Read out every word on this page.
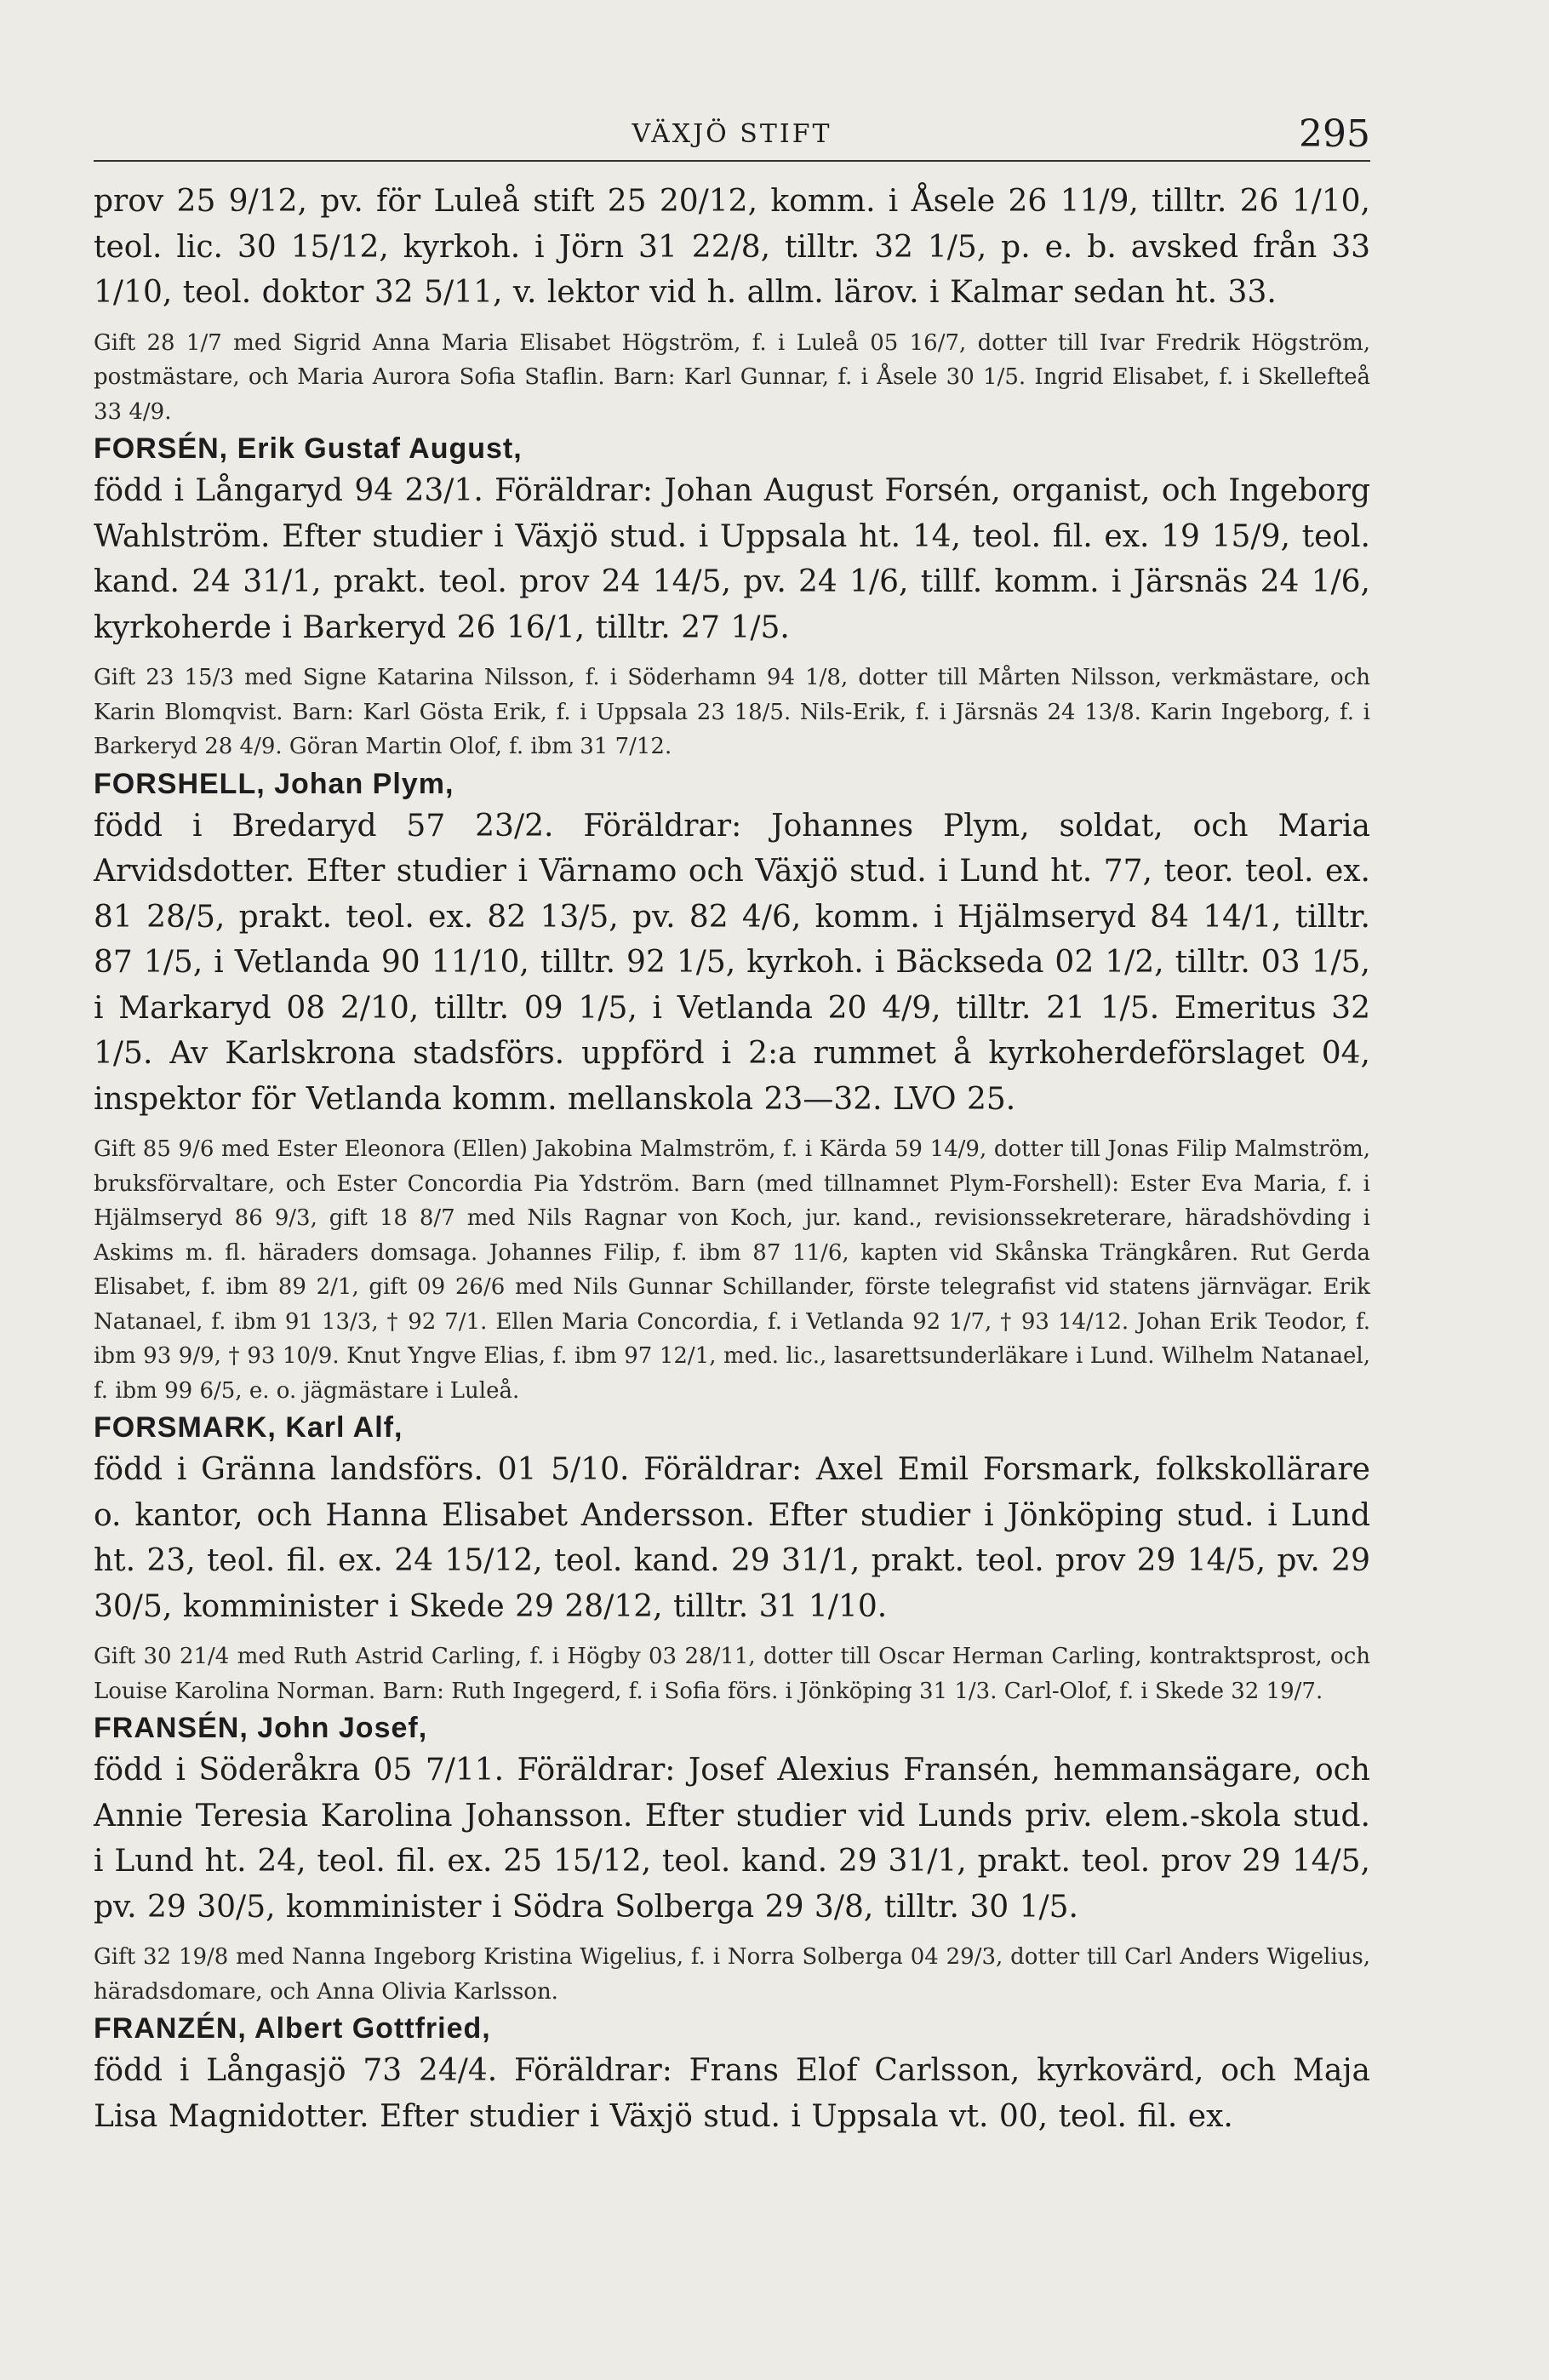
VÄXJÖ STIFT	295

prov 25 9/12, pv. för Luleå stift 25 20/12, komm. i Åsele 26 11/9, tilltr. 26 1/10, teol. lic. 30 15/12, kyrkoh. i Jörn 31 22/8, tilltr. 32 1/5, p. e. b. avsked från 33 1/10, teol. doktor 32 5/11, v. lektor vid h. allm. lärov. i Kalmar sedan ht. 33.

Gift 28 1/7 med Sigrid Anna Maria Elisabet Högström, f. i Luleå 05 16/7, dotter till Ivar Fredrik Högström, postmästare, och Maria Aurora Sofia Staflin. Barn: Karl Gunnar, f. i Åsele 30 1/5. Ingrid Elisabet, f. i Skellefteå 33 4/9.

FORSÉN, Erik Gustaf August,

född i Långaryd 94 23/1. Föräldrar: Johan August Forsén, organist, och Ingeborg Wahlström. Efter studier i Växjö stud. i Uppsala ht. 14, teol. fil. ex. 19 15/9, teol. kand. 24 31/1, prakt. teol. prov 24 14/5, pv. 24 1/6, tillf. komm. i Järsnäs 24 1/6, kyrkoherde i Barkeryd 26 16/1, tilltr. 27 1/5.

Gift 23 15/3 med Signe Katarina Nilsson, f. i Söderhamn 94 1/8, dotter till Mårten Nilsson, verkmästare, och Karin Blomqvist. Barn: Karl Gösta Erik, f. i Uppsala 23 18/5. Nils-Erik, f. i Järsnäs 24 13/8. Karin Ingeborg, f. i Barkeryd 28 4/9. Göran Martin Olof, f. ibm 31 7/12.

FORSHELL, Johan Plym,

född i Bredaryd 57 23/2. Föräldrar: Johannes Plym, soldat, och Maria Arvidsdotter. Efter studier i Värnamo och Växjö stud. i Lund ht. 77, teor. teol. ex. 81 28/5, prakt. teol. ex. 82 13/5, pv. 82 4/6, komm. i Hjälmseryd 84 14/1, tilltr. 87 1/5, i Vetlanda 90 11/10, tilltr. 92 1/5, kyrkoh. i Bäckseda 02 1/2, tilltr. 03 1/5, i Markaryd 08 2/10, tilltr. 09 1/5, i Vetlanda 20 4/9, tilltr. 21 1/5. Emeritus 32 1/5. Av Karlskrona stadsförs. uppförd i 2:a rummet å kyrkoherdeförslaget 04, inspektor för Vetlanda komm. mellanskola 23—32. LVO 25.

Gift 85 9/6 med Ester Eleonora (Ellen) Jakobina Malmström, f. i Kärda 59 14/9, dotter till Jonas Filip Malmström, bruksförvaltare, och Ester Concordia Pia Ydström. Barn (med tillnamnet Plym-Forshell): Ester Eva Maria, f. i Hjälmseryd 86 9/3, gift 18 8/7 med Nils Ragnar von Koch, jur. kand., revisionssekreterare, häradshövding i Askims m. fl. häraders domsaga. Johannes Filip, f. ibm 87 11/6, kapten vid Skånska Trängkåren. Rut Gerda Elisabet, f. ibm 89 2/1, gift 09 26/6 med Nils Gunnar Schillander, förste telegrafist vid statens järnvägar. Erik Natanael, f. ibm 91 13/3, † 92 7/1. Ellen Maria Concordia, f. i Vetlanda 92 1/7, † 93 14/12. Johan Erik Teodor, f. ibm 93 9/9, † 93 10/9. Knut Yngve Elias, f. ibm 97 12/1, med. lic., lasarettsunderläkare i Lund. Wilhelm Natanael, f. ibm 99 6/5, e. o. jägmästare i Luleå.

FORSMARK, Karl Alf,

född i Gränna landsförs. 01 5/10. Föräldrar: Axel Emil Forsmark, folkskollärare o. kantor, och Hanna Elisabet Andersson. Efter studier i Jönköping stud. i Lund ht. 23, teol. fil. ex. 24 15/12, teol. kand. 29 31/1, prakt. teol. prov 29 14/5, pv. 29 30/5, komminister i Skede 29 28/12, tilltr. 31 1/10.

Gift 30 21/4 med Ruth Astrid Carling, f. i Högby 03 28/11, dotter till Oscar Herman Carling, kontraktsprost, och Louise Karolina Norman. Barn: Ruth Ingegerd, f. i Sofia förs. i Jönköping 31 1/3. Carl-Olof, f. i Skede 32 19/7.

FRANSÉN, John Josef,

född i Söderåkra 05 7/11. Föräldrar: Josef Alexius Fransén, hemmansägare, och Annie Teresia Karolina Johansson. Efter studier vid Lunds priv. elem.-skola stud. i Lund ht. 24, teol. fil. ex. 25 15/12, teol. kand. 29 31/1, prakt. teol. prov 29 14/5, pv. 29 30/5, komminister i Södra Solberga 29 3/8, tilltr. 30 1/5.

Gift 32 19/8 med Nanna Ingeborg Kristina Wigelius, f. i Norra Solberga 04 29/3, dotter till Carl Anders Wigelius, häradsdomare, och Anna Olivia Karlsson.

FRANZÉN, Albert Gottfried,

född i Långasjö 73 24/4. Föräldrar: Frans Elof Carlsson, kyrkovärd, och Maja Lisa Magnidotter. Efter studier i Växjö stud. i Uppsala vt. 00, teol. fil. ex.
